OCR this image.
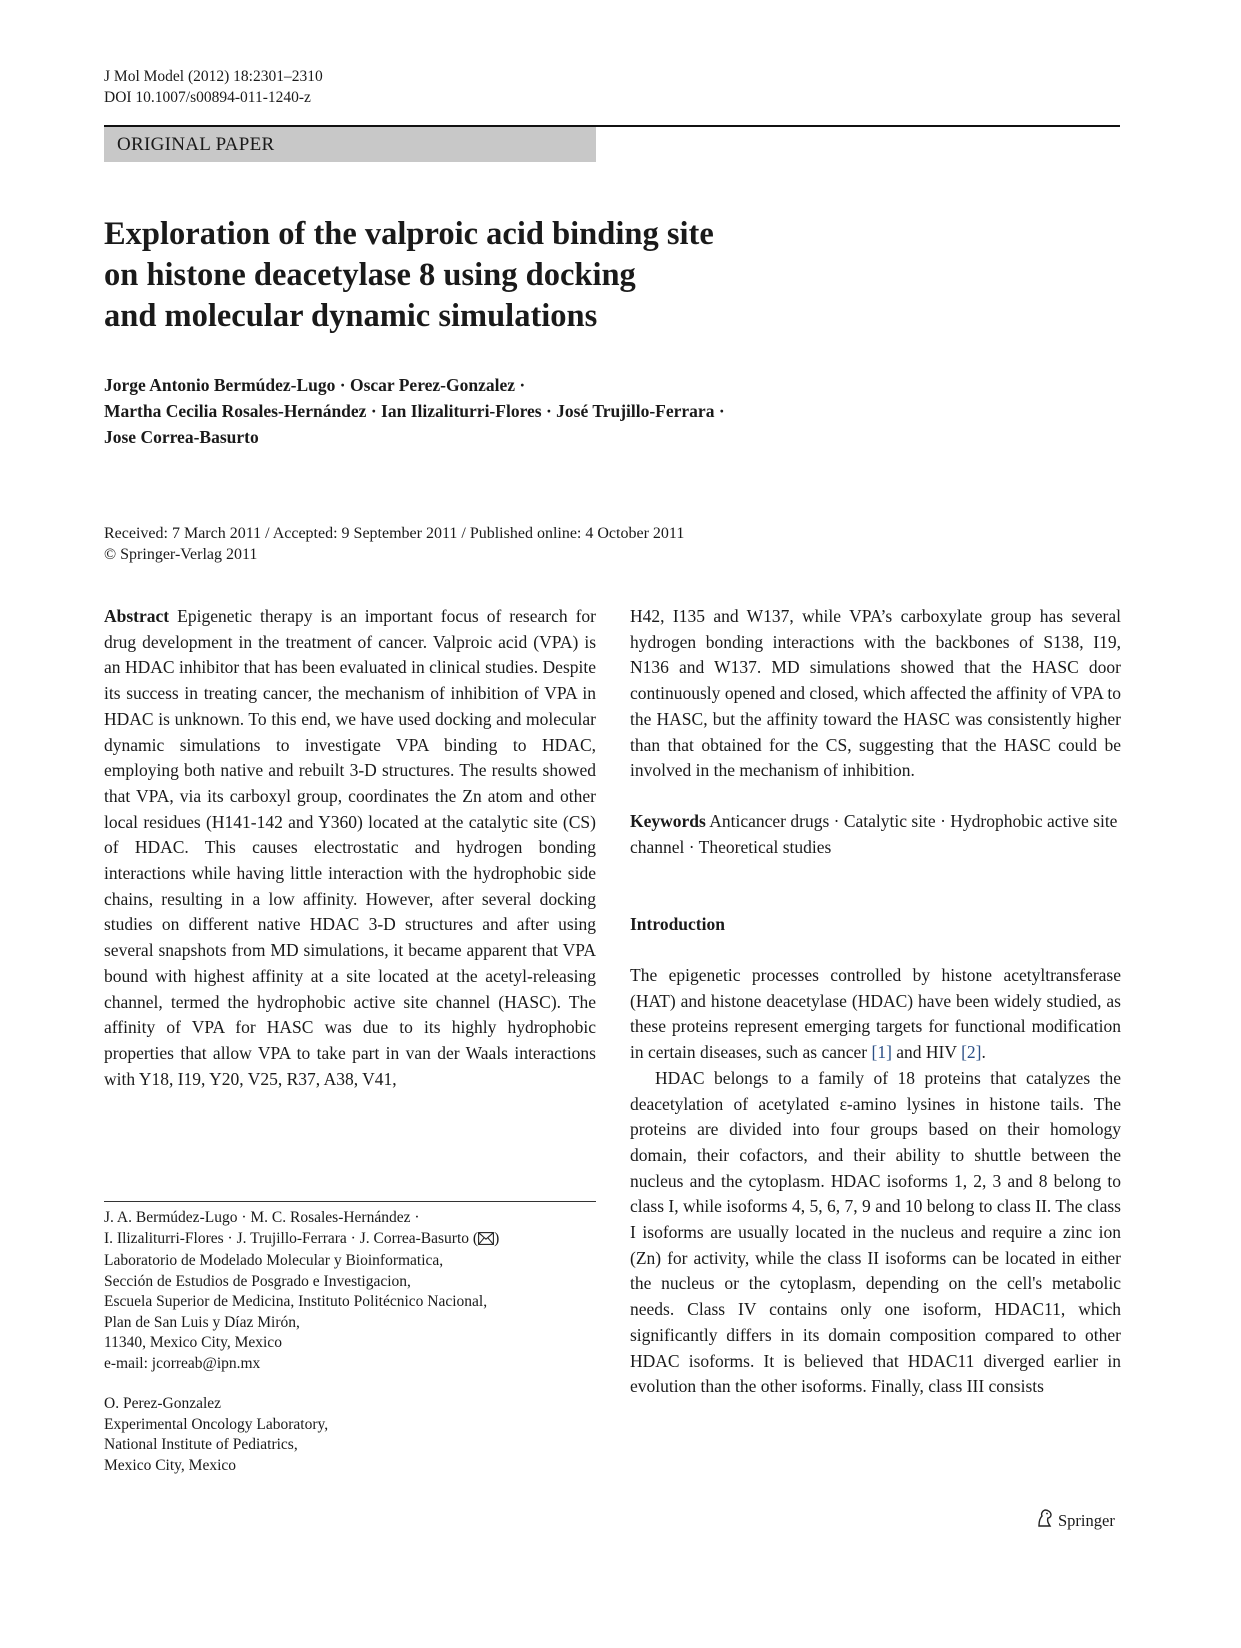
J Mol Model (2012) 18:2301–2310
DOI 10.1007/s00894-011-1240-z
ORIGINAL PAPER
Exploration of the valproic acid binding site
on histone deacetylase 8 using docking
and molecular dynamic simulations
Jorge Antonio Bermúdez-Lugo · Oscar Perez-Gonzalez ·
Martha Cecilia Rosales-Hernández · Ian Ilizaliturri-Flores · José Trujillo-Ferrara ·
Jose Correa-Basurto
Received: 7 March 2011 / Accepted: 9 September 2011 / Published online: 4 October 2011
© Springer-Verlag 2011

Abstract Epigenetic therapy is an important focus of research for drug development in the treatment of cancer. Valproic acid (VPA) is an HDAC inhibitor that has been evaluated in clinical studies. Despite its success in treating cancer, the mechanism of inhibition of VPA in HDAC is unknown. To this end, we have used docking and molecular dynamic simulations to investigate VPA binding to HDAC, employing both native and rebuilt 3-D structures. The results showed that VPA, via its carboxyl group, coordinates the Zn atom and other local residues (H141-142 and Y360) located at the catalytic site (CS) of HDAC. This causes electrostatic and hydrogen bonding interactions while having little interaction with the hydrophobic side chains, resulting in a low affinity. However, after several docking studies on different native HDAC 3-D structures and after using several snapshots from MD simulations, it became apparent that VPA bound with highest affinity at a site located at the acetyl-releasing channel, termed the hydrophobic active site channel (HASC). The affinity of VPA for HASC was due to its highly hydrophobic properties that allow VPA to take part in van der Waals interactions with Y18, I19, Y20, V25, R37, A38, V41,

J. A. Bermúdez-Lugo · M. C. Rosales-Hernández ·

I. Ilizaliturri-Flores · J. Trujillo-Ferrara · J. Correa-Basurto ( )

Laboratorio de Modelado Molecular y Bioinformatica,

Sección de Estudios de Posgrado e Investigacion,

Escuela Superior de Medicina, Instituto Politécnico Nacional,

Plan de San Luis y Díaz Mirón,

11340, Mexico City, Mexico

e-mail: jcorreab@ipn.mx

O. Perez-Gonzalez

Experimental Oncology Laboratory,

National Institute of Pediatrics,

Mexico City, Mexico

H42, I135 and W137, while VPA’s carboxylate group has several hydrogen bonding interactions with the backbones of S138, I19, N136 and W137. MD simulations showed that the HASC door continuously opened and closed, which affected the affinity of VPA to the HASC, but the affinity toward the HASC was consistently higher than that obtained for the CS, suggesting that the HASC could be involved in the mechanism of inhibition.

Keywords Anticancer drugs · Catalytic site · Hydrophobic active site channel · Theoretical studies

Introduction

The epigenetic processes controlled by histone acetyltransferase (HAT) and histone deacetylase (HDAC) have been widely studied, as these proteins represent emerging targets for functional modification in certain diseases, such as cancer [1] and HIV [2].

HDAC belongs to a family of 18 proteins that catalyzes the deacetylation of acetylated ε-amino lysines in histone tails. The proteins are divided into four groups based on their homology domain, their cofactors, and their ability to shuttle between the nucleus and the cytoplasm. HDAC isoforms 1, 2, 3 and 8 belong to class I, while isoforms 4, 5, 6, 7, 9 and 10 belong to class II. The class I isoforms are usually located in the nucleus and require a zinc ion (Zn) for activity, while the class II isoforms can be located in either the nucleus or the cytoplasm, depending on the cell's metabolic needs. Class IV contains only one isoform, HDAC11, which significantly differs in its domain composition compared to other HDAC isoforms. It is believed that HDAC11 diverged earlier in evolution than the other isoforms. Finally, class III consists

Springer
